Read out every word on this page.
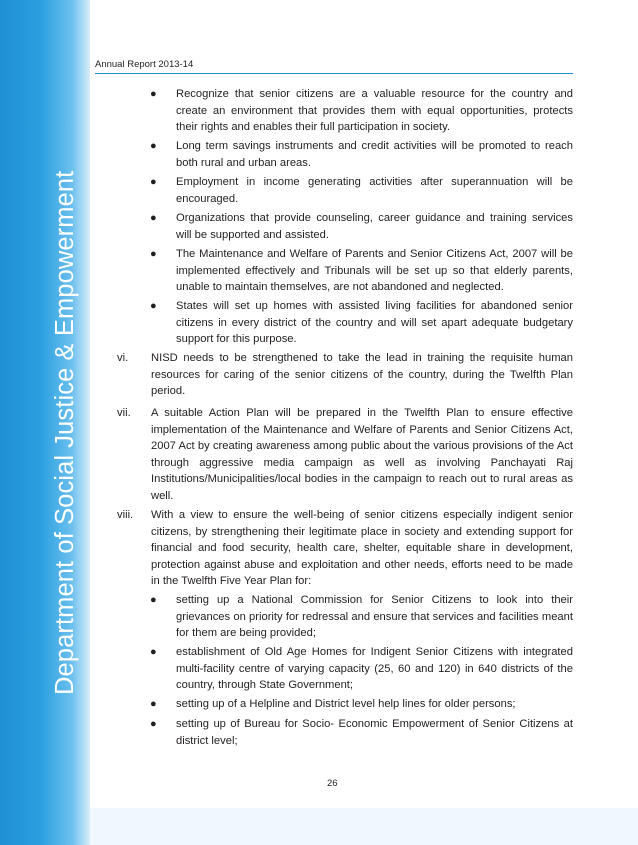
Department of Social Justice & Empowerment
Annual Report 2013-14
●	Recognize that senior citizens are a valuable resource for the country and create an environment that provides them with equal opportunities, protects their rights and enables their full participation in society.
●	Long term savings instruments and credit activities will be promoted to reach both rural and urban areas.
●	Employment in income generating activities after superannuation will be encouraged.
●	Organizations that provide counseling, career guidance and training services will be supported and assisted.
●	The Maintenance and Welfare of Parents and Senior Citizens Act, 2007 will be implemented effectively and Tribunals will be set up so that elderly parents, unable to maintain themselves, are not abandoned and neglected.
●	States will set up homes with assisted living facilities for abandoned senior citizens in every district of the country and will set apart adequate budgetary support for this purpose.
vi.	NISD needs to be strengthened to take the lead in training the requisite human resources for caring of the senior citizens of the country, during the Twelfth Plan period.
vii.	A suitable Action Plan will be prepared in the Twelfth Plan to ensure effective implementation of the Maintenance and Welfare of Parents and Senior Citizens Act, 2007 Act by creating awareness among public about the various provisions of the Act through aggressive media campaign as well as involving Panchayati Raj Institutions/Municipalities/local bodies in the campaign to reach out to rural areas as well.
viii.	With a view to ensure the well-being of senior citizens especially indigent senior citizens, by strengthening their legitimate place in society and extending support for financial and food security, health care, shelter, equitable share in development, protection against abuse and exploitation and other needs, efforts need to be made in the Twelfth Five Year Plan for:
●	setting up a National Commission for Senior Citizens to look into their grievances on priority for redressal and ensure that services and facilities meant for them are being provided;
●	establishment of Old Age Homes for Indigent Senior Citizens with integrated multi-facility centre of varying capacity (25, 60 and 120) in 640 districts of the country, through State Government;
●	setting up of a Helpline and District level help lines for older persons;
●	setting up of Bureau for Socio- Economic Empowerment of Senior Citizens at district level;
26
